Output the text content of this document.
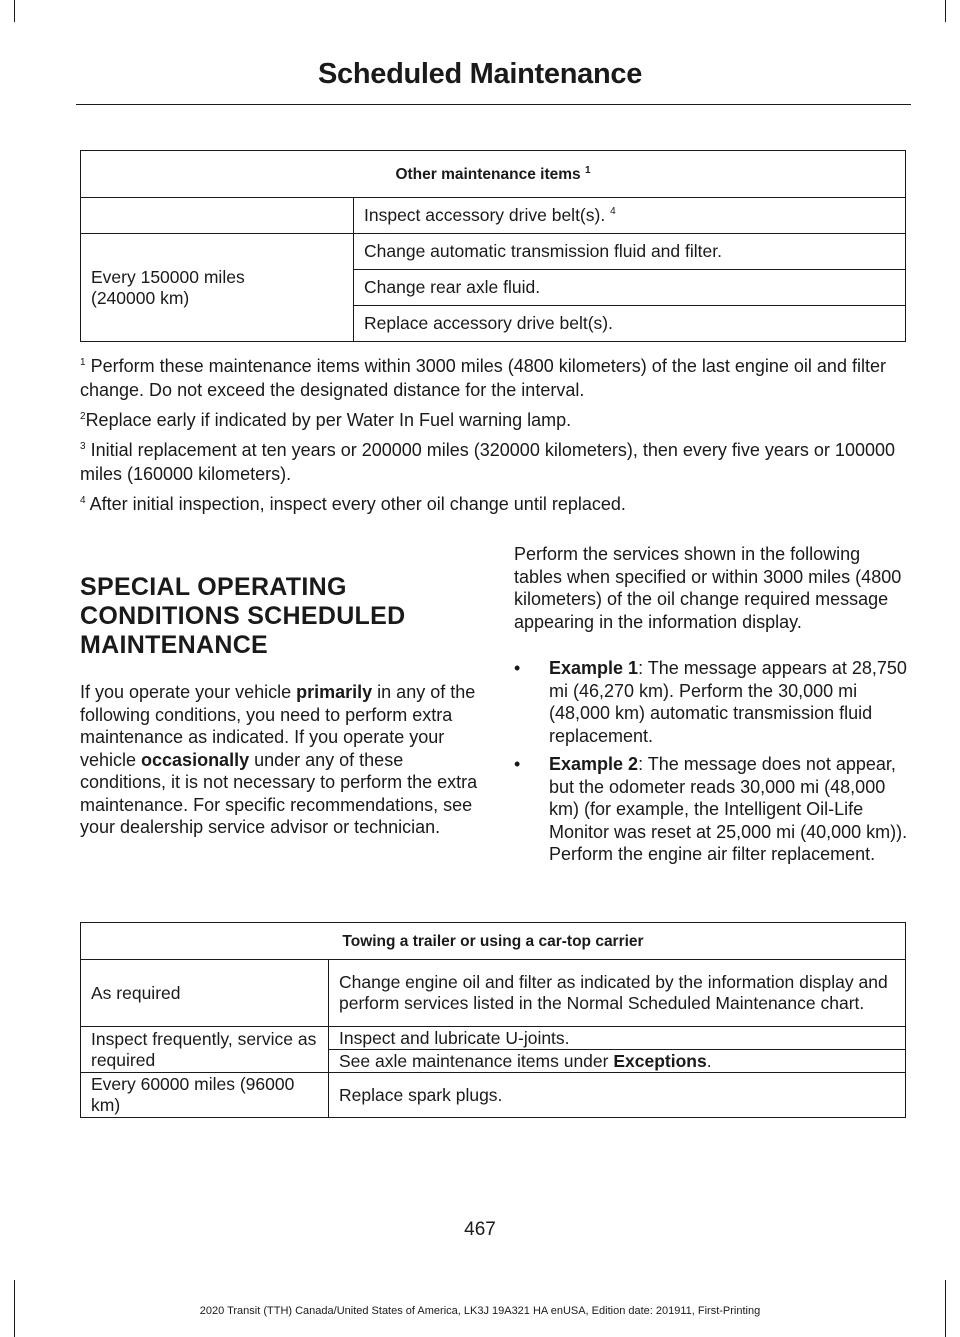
Scheduled Maintenance
Other maintenance items $^1$
	Inspect accessory drive belt(s). $^4$

Every 150000 miles (240000 km)	Change automatic transmission fluid and filter.
	Change rear axle fluid.
	Replace accessory drive belt(s).

$^1$ Perform these maintenance items within 3000 miles (4800 kilometers) of the last engine oil and filter change. Do not exceed the designated distance for the interval.

$^2$Replace early if indicated by per Water In Fuel warning lamp.

$^3$ Initial replacement at ten years or 200000 miles (320000 kilometers), then every five years or 100000 miles (160000 kilometers).

$^4$ After initial inspection, inspect every other oil change until replaced.

SPECIAL OPERATING
CONDITIONS SCHEDULED
MAINTENANCE

If you operate your vehicle primarily in any of the following conditions, you need to perform extra maintenance as indicated. If you operate your vehicle occasionally under any of these conditions, it is not necessary to perform the extra maintenance. For specific recommendations, see your dealership service advisor or technician.

Perform the services shown in the following tables when specified or within 3000 miles (4800 kilometers) of the oil change required message appearing in the information display.

• Example 1: The message appears at 28,750 mi (46,270 km). Perform the 30,000 mi (48,000 km) automatic transmission fluid replacement.
• Example 2: The message does not appear, but the odometer reads 30,000 mi (48,000 km) (for example, the Intelligent Oil-Life Monitor was reset at 25,000 mi (40,000 km)). Perform the engine air filter replacement.
Towing a trailer or using a car-top carrier	
As required	Change engine oil and filter as indicated by the information display and perform services listed in the Normal Scheduled Maintenance chart.
Inspect frequently, service as required	Inspect and lubricate U-joints.
	See axle maintenance items under Exceptions.
Every 60000 miles (96000 km)	Replace spark plugs.
467
2020 Transit (TTH) Canada/United States of America, LK3J 19A321 HA enUSA, Edition date: 201911, First-Printing
